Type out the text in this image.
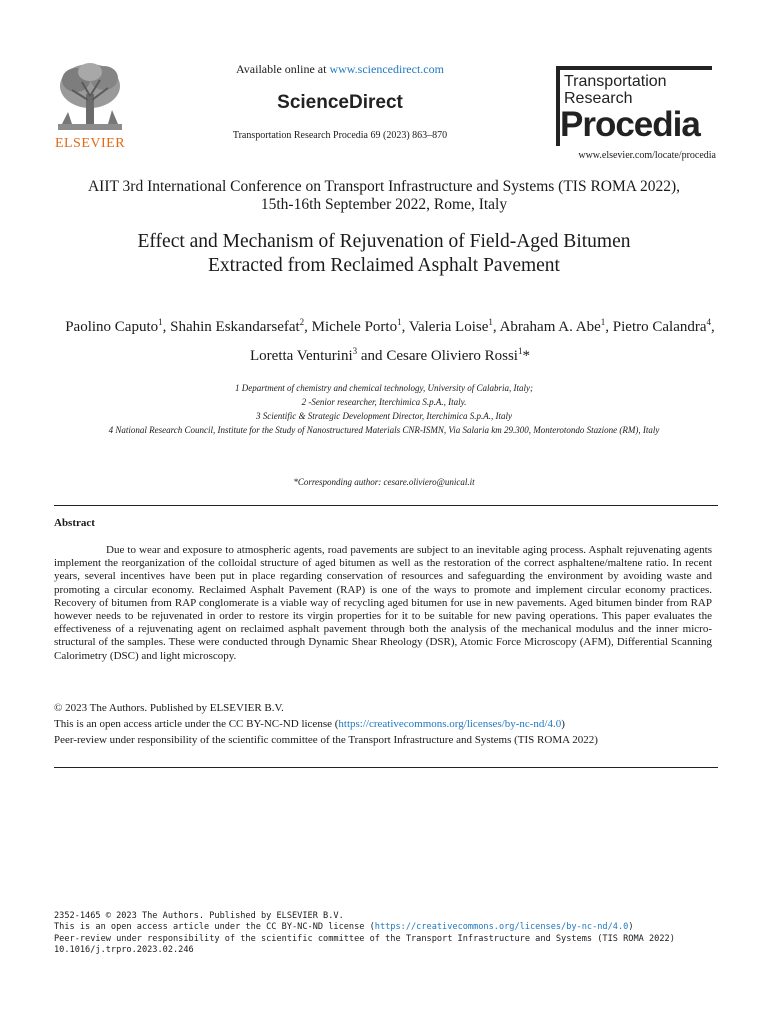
ELSEVIER
Available online at www.sciencedirect.com
ScienceDirect
Transportation Research Procedia 69 (2023) 863–870
Transportation
Research
Procedia
www.elsevier.com/locate/procedia
AIIT 3rd International Conference on Transport Infrastructure and Systems (TIS ROMA 2022),
15th-16th September 2022, Rome, Italy
Effect and Mechanism of Rejuvenation of Field-Aged Bitumen
Extracted from Reclaimed Asphalt Pavement
Paolino Caputo$^1$, Shahin Eskandarsefat$^2$, Michele Porto$^1$, Valeria Loise$^1$, Abraham A. Abe$^1$, Pietro Calandra$^4$, Loretta Venturini$^3$ and Cesare Oliviero Rossi$^1$*
1 Department of chemistry and chemical technology, University of Calabria, Italy;
2 -Senior researcher, Iterchimica S.p.A., Italy.
3 Scientific & Strategic Development Director, Iterchimica S.p.A., Italy
4 National Research Council, Institute for the Study of Nanostructured Materials CNR-ISMN, Via Salaria km 29.300, Monterotondo Stazione (RM), Italy
*Corresponding author: cesare.oliviero@unical.it
Abstract
Due to wear and exposure to atmospheric agents, road pavements are subject to an inevitable aging process. Asphalt rejuvenating agents implement the reorganization of the colloidal structure of aged bitumen as well as the restoration of the correct asphaltene/maltene ratio. In recent years, several incentives have been put in place regarding conservation of resources and safeguarding the environment by avoiding waste and promoting a circular economy. Reclaimed Asphalt Pavement (RAP) is one of the ways to promote and implement circular economy practices. Recovery of bitumen from RAP conglomerate is a viable way of recycling aged bitumen for use in new pavements. Aged bitumen binder from RAP however needs to be rejuvenated in order to restore its virgin properties for it to be suitable for new paving operations. This paper evaluates the effectiveness of a rejuvenating agent on reclaimed asphalt pavement through both the analysis of the mechanical modulus and the inner micro-structural of the samples. These were conducted through Dynamic Shear Rheology (DSR), Atomic Force Microscopy (AFM), Differential Scanning Calorimetry (DSC) and light microscopy.
© 2023 The Authors. Published by ELSEVIER B.V.
This is an open access article under the CC BY-NC-ND license (https://creativecommons.org/licenses/by-nc-nd/4.0)
Peer-review under responsibility of the scientific committee of the Transport Infrastructure and Systems (TIS ROMA 2022)
2352-1465 © 2023 The Authors. Published by ELSEVIER B.V.
This is an open access article under the CC BY-NC-ND license (https://creativecommons.org/licenses/by-nc-nd/4.0)
Peer-review under responsibility of the scientific committee of the Transport Infrastructure and Systems (TIS ROMA 2022)
10.1016/j.trpro.2023.02.246
